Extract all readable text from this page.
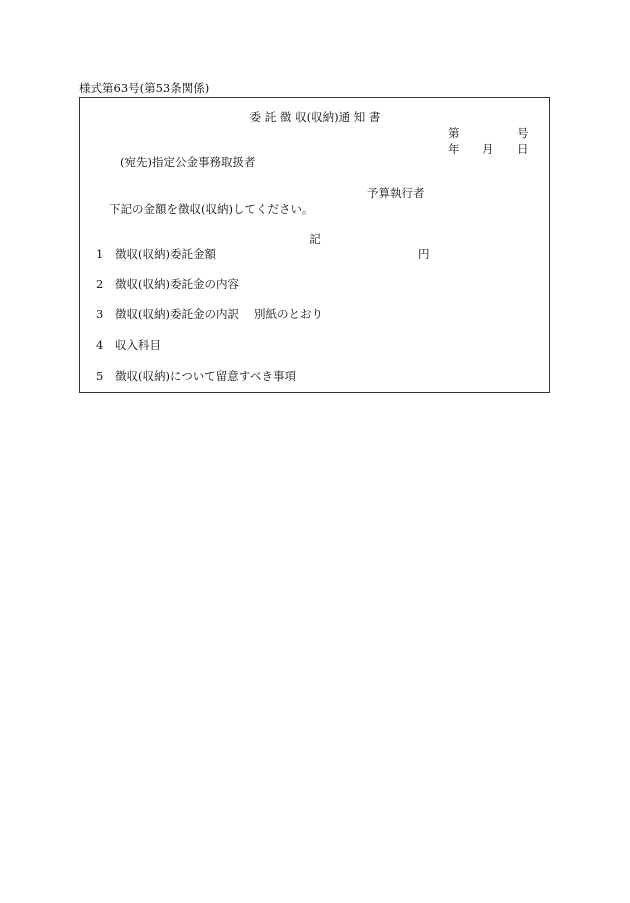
様式第63号(第53条関係)
委 託 徴 収(収納)通 知 書
第	号
年 月 日
(宛先)指定公金事務取扱者
予算執行者
下記の金額を徴収(収納)してください。
記
1 徴収(収納)委託金額	円
2 徴収(収納)委託金の内容
3 徴収(収納)委託金の内訳 別紙のとおり
4 収入科目
5 徴収(収納)について留意すべき事項
